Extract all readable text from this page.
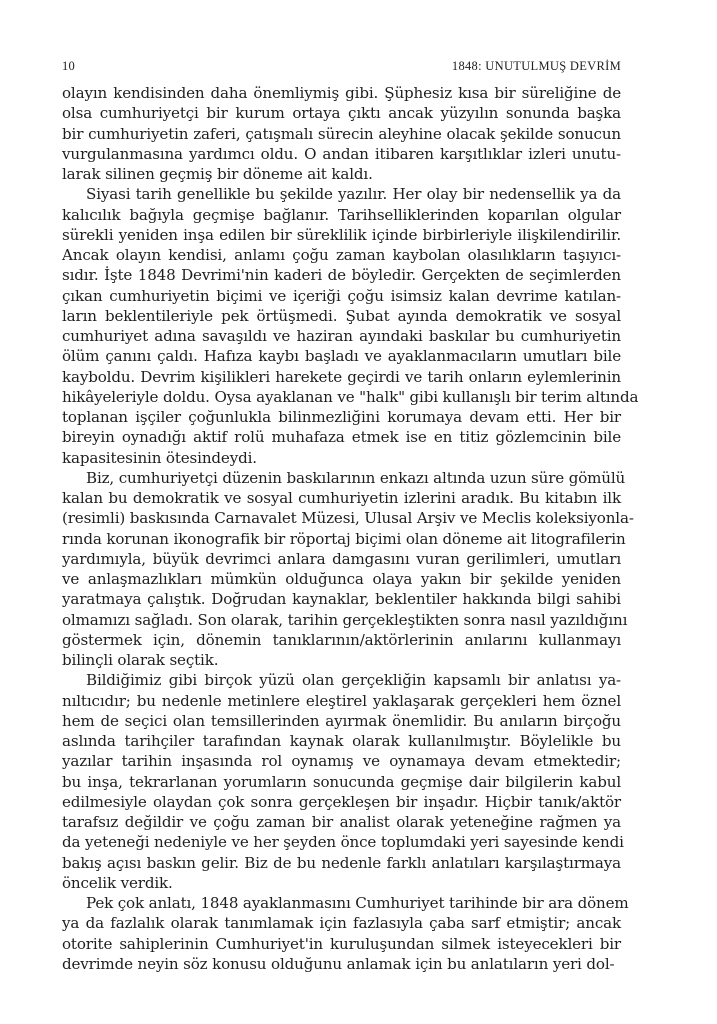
10	1848: UNUTULMUŞ DEVRİM
olayın kendisinden daha önemliymiş gibi. Şüphesiz kısa bir süreliğine de
olsa cumhuriyetçi bir kurum ortaya çıktı ancak yüzyılın sonunda başka
bir cumhuriyetin zaferi, çatışmalı sürecin aleyhine olacak şekilde sonucun
vurgulanmasına yardımcı oldu. O andan itibaren karşıtlıklar izleri unutu-
larak silinen geçmiş bir döneme ait kaldı.
Siyasi tarih genellikle bu şekilde yazılır. Her olay bir nedensellik ya da
kalıcılık bağıyla geçmişe bağlanır. Tarihselliklerinden koparılan olgular
sürekli yeniden inşa edilen bir süreklilik içinde birbirleriyle ilişkilendirilir.
Ancak olayın kendisi, anlamı çoğu zaman kaybolan olasılıkların taşıyıcı-
sıdır. İşte 1848 Devrimi'nin kaderi de böyledir. Gerçekten de seçimlerden
çıkan cumhuriyetin biçimi ve içeriği çoğu isimsiz kalan devrime katılan-
ların beklentileriyle pek örtüşmedi. Şubat ayında demokratik ve sosyal
cumhuriyet adına savaşıldı ve haziran ayındaki baskılar bu cumhuriyetin
ölüm çanını çaldı. Hafıza kaybı başladı ve ayaklanmacıların umutları bile
kayboldu. Devrim kişilikleri harekete geçirdi ve tarih onların eylemlerinin
hikâyeleriyle doldu. Oysa ayaklanan ve "halk" gibi kullanışlı bir terim altında
toplanan işçiler çoğunlukla bilinmezliğini korumaya devam etti. Her bir
bireyin oynadığı aktif rolü muhafaza etmek ise en titiz gözlemcinin bile
kapasitesinin ötesindeydi.
Biz, cumhuriyetçi düzenin baskılarının enkazı altında uzun süre gömülü
kalan bu demokratik ve sosyal cumhuriyetin izlerini aradık. Bu kitabın ilk
(resimli) baskısında Carnavalet Müzesi, Ulusal Arşiv ve Meclis koleksiyonla-
rında korunan ikonografik bir röportaj biçimi olan döneme ait litografilerin
yardımıyla, büyük devrimci anlara damgasını vuran gerilimleri, umutları
ve anlaşmazlıkları mümkün olduğunca olaya yakın bir şekilde yeniden
yaratmaya çalıştık. Doğrudan kaynaklar, beklentiler hakkında bilgi sahibi
olmamızı sağladı. Son olarak, tarihin gerçekleştikten sonra nasıl yazıldığını
göstermek için, dönemin tanıklarının/aktörlerinin anılarını kullanmayı
bilinçli olarak seçtik.
Bildiğimiz gibi birçok yüzü olan gerçekliğin kapsamlı bir anlatısı ya-
nıltıcıdır; bu nedenle metinlere eleştirel yaklaşarak gerçekleri hem öznel
hem de seçici olan temsillerinden ayırmak önemlidir. Bu anıların birçoğu
aslında tarihçiler tarafından kaynak olarak kullanılmıştır. Böylelikle bu
yazılar tarihin inşasında rol oynamış ve oynamaya devam etmektedir;
bu inşa, tekrarlanan yorumların sonucunda geçmişe dair bilgilerin kabul
edilmesiyle olaydan çok sonra gerçekleşen bir inşadır. Hiçbir tanık/aktör
tarafsız değildir ve çoğu zaman bir analist olarak yeteneğine rağmen ya
da yeteneği nedeniyle ve her şeyden önce toplumdaki yeri sayesinde kendi
bakış açısı baskın gelir. Biz de bu nedenle farklı anlatıları karşılaştırmaya
öncelik verdik.
Pek çok anlatı, 1848 ayaklanmasını Cumhuriyet tarihinde bir ara dönem
ya da fazlalık olarak tanımlamak için fazlasıyla çaba sarf etmiştir; ancak
otorite sahiplerinin Cumhuriyet'in kuruluşundan silmek isteyecekleri bir
devrimde neyin söz konusu olduğunu anlamak için bu anlatıların yeri dol-
